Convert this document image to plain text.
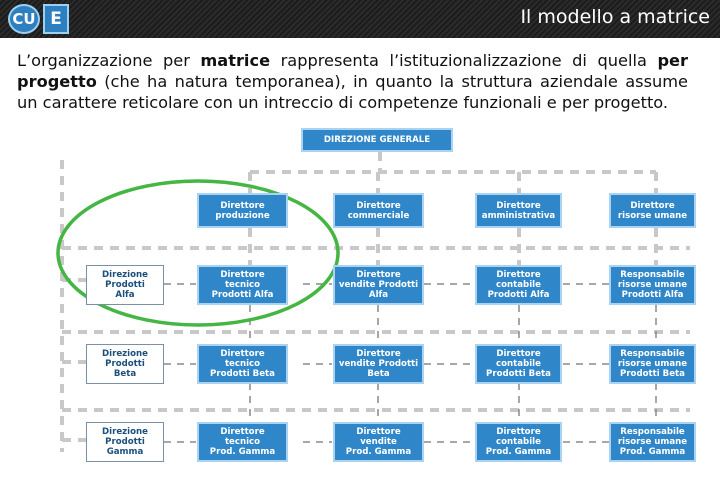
CU E	Il modello a matrice
L’organizzazione per matrice rappresenta l’istituzionalizzazione di quella per progetto (che ha natura temporanea), in quanto la struttura aziendale assume un carattere reticolare con un intreccio di competenze funzionali e per progetto.
DIREZIONE GENERALE
Direttore
produzione
Direttore
commerciale
Direttore
amministrativa
Direttore
risorse umane
Direzione
Prodotti
Alfa
Direzione
Prodotti
Beta
Direzione
Prodotti
Gamma
Direttore
tecnico
Prodotti Alfa
Direttore
vendite Prodotti
Alfa
Direttore
contabile
Prodotti Alfa
Responsabile
risorse umane
Prodotti Alfa
Direttore
tecnico
Prodotti Beta
Direttore
vendite Prodotti
Beta
Direttore
contabile
Prodotti Beta
Responsabile
risorse umane
Prodotti Beta
Direttore
tecnico
Prod. Gamma
Direttore
vendite
Prod. Gamma
Direttore
contabile
Prod. Gamma
Responsabile
risorse umane
Prod. Gamma
